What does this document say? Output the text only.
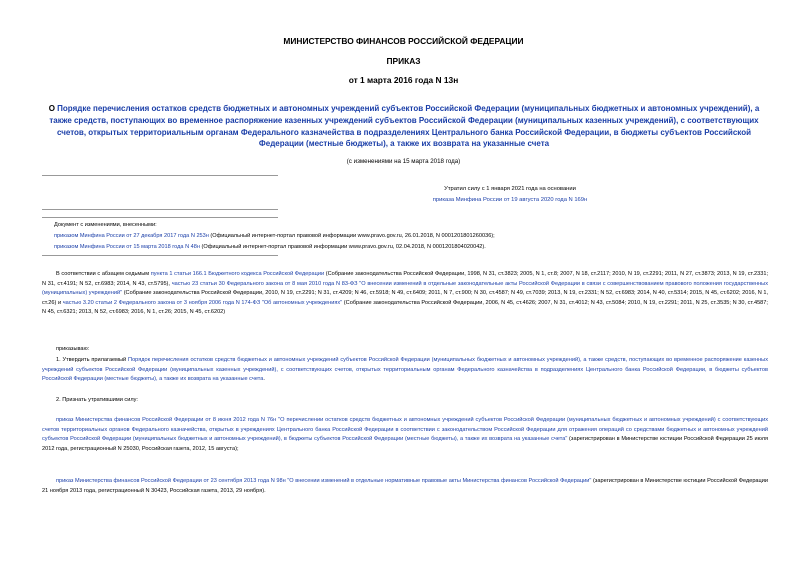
МИНИСТЕРСТВО ФИНАНСОВ РОССИЙСКОЙ ФЕДЕРАЦИИ
ПРИКАЗ
от 1 марта 2016 года N 13н
О Порядке перечисления остатков средств бюджетных и автономных учреждений субъектов Российской Федерации (муниципальных бюджетных и автономных учреждений), а также средств, поступающих во временное распоряжение казенных учреждений субъектов Российской Федерации (муниципальных казенных учреждений), с соответствующих счетов, открытых территориальным органам Федерального казначейства в подразделениях Центрального банка Российской Федерации, в бюджеты субъектов Российской Федерации (местные бюджеты), а также их возврата на указанные счета
(с изменениями на 15 марта 2018 года)
Утратил силу с 1 января 2021 года на основании
приказа Минфина России от 19 августа 2020 года N 169н
Документ с изменениями, внесенными:
приказом Минфина России от 27 декабря 2017 года N 253н (Официальный интернет-портал правовой информации www.pravo.gov.ru, 26.01.2018, N 0001201801260036);
приказом Минфина России от 15 марта 2018 года N 48н (Официальный интернет-портал правовой информации www.pravo.gov.ru, 02.04.2018, N 0001201804020042).
В соответствии с абзацем седьмым пункта 1 статьи 166.1 Бюджетного кодекса Российской Федерации (Собрание законодательства Российской Федерации, 1998, N 31, ст.3823; 2005, N 1, ст.8; 2007, N 18, ст.2117; 2010, N 19, ст.2291; 2011, N 27, ст.3873; 2013, N 19, ст.2331; N 31, ст.4191; N 52, ст.6983; 2014, N 43, ст.5795), частью 23 статьи 30 Федерального закона от 8 мая 2010 года N 83-ФЗ "О внесении изменений в отдельные законодательные акты Российской Федерации в связи с совершенствованием правового положения государственных (муниципальных) учреждений" (Собрание законодательства Российской Федерации, 2010, N 19, ст.2291; N 31, ст.4209; N 46, ст.5918; N 49, ст.6409; 2011, N 7, ст.900; N 30, ст.4587; N 49, ст.7039; 2013, N 19, ст.2331; N 52, ст.6983; 2014, N 40, ст.5314; 2015, N 45, ст.6202; 2016, N 1, ст.26) и частью 3.20 статьи 2 Федерального закона от 3 ноября 2006 года N 174-ФЗ "Об автономных учреждениях" (Собрание законодательства Российской Федерации, 2006, N 45, ст.4626; 2007, N 31, ст.4012; N 43, ст.5084; 2010, N 19, ст.2291; 2011, N 25, ст.3535; N 30, ст.4587; N 45, ст.6321; 2013, N 52, ст.6983; 2016, N 1, ст.26; 2015, N 45, ст.6202)
приказываю:
1. Утвердить прилагаемый Порядок перечисления остатков средств бюджетных и автономных учреждений субъектов Российской Федерации (муниципальных бюджетных и автономных учреждений), а также средств, поступающих во временное распоряжение казенных учреждений субъектов Российской Федерации (муниципальных казенных учреждений), с соответствующих счетов, открытых территориальным органам Федерального казначейства в подразделениях Центрального банка Российской Федерации, в бюджеты субъектов Российской Федерации (местные бюджеты), а также их возврата на указанные счета.
2. Признать утратившими силу:
приказ Министерства финансов Российской Федерации от 8 июня 2012 года N 76н "О перечислении остатков средств бюджетных и автономных учреждений субъектов Российской Федерации (муниципальных бюджетных и автономных учреждений) с соответствующих счетов территориальных органов Федерального казначейства, открытых в учреждениях Центрального банка Российской Федерации в соответствии с законодательством Российской Федерации для отражения операций со средствами бюджетных и автономных учреждений субъектов Российской Федерации (муниципальных бюджетных и автономных учреждений), в бюджеты субъектов Российской Федерации (местные бюджеты), а также их возврата на указанные счета" (зарегистрирован в Министерстве юстиции Российской Федерации 25 июля 2012 года, регистрационный N 25030, Российская газета, 2012, 15 августа);
приказ Министерства финансов Российской Федерации от 23 сентября 2013 года N 98н "О внесении изменений в отдельные нормативные правовые акты Министерства финансов Российской Федерации" (зарегистрирован в Министерстве юстиции Российской Федерации 21 ноября 2013 года, регистрационный N 30423, Российская газета, 2013, 29 ноября).
